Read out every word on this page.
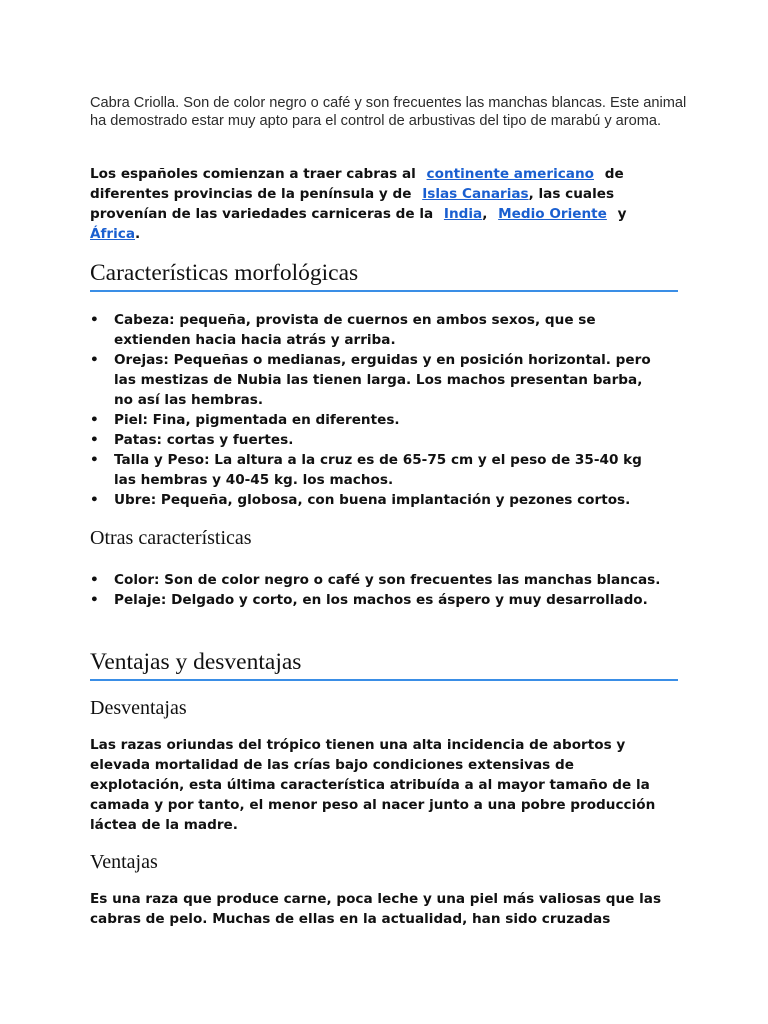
Cabra Criolla. Son de color negro o café y son frecuentes las manchas blancas. Este animal ha demostrado estar muy apto para el control de arbustivas del tipo de marabú y aroma.
Los españoles comienzan a traer cabras al continente americano de diferentes provincias de la península y de Islas Canarias, las cuales provenían de las variedades carniceras de la India, Medio Oriente y África.
Características morfológicas
• Cabeza: pequeña, provista de cuernos en ambos sexos, que se extienden hacia hacia atrás y arriba.
• Orejas: Pequeñas o medianas, erguidas y en posición horizontal. pero las mestizas de Nubia las tienen larga. Los machos presentan barba, no así las hembras.
• Piel: Fina, pigmentada en diferentes.
• Patas: cortas y fuertes.
• Talla y Peso: La altura a la cruz es de 65-75 cm y el peso de 35-40 kg las hembras y 40-45 kg. los machos.
• Ubre: Pequeña, globosa, con buena implantación y pezones cortos.
Otras características
• Color: Son de color negro o café y son frecuentes las manchas blancas.
• Pelaje: Delgado y corto, en los machos es áspero y muy desarrollado.
Ventajas y desventajas
Desventajas
Las razas oriundas del trópico tienen una alta incidencia de abortos y elevada mortalidad de las crías bajo condiciones extensivas de explotación, esta última característica atribuída a al mayor tamaño de la camada y por tanto, el menor peso al nacer junto a una pobre producción láctea de la madre.
Ventajas
Es una raza que produce carne, poca leche y una piel más valiosas que las cabras de pelo. Muchas de ellas en la actualidad, han sido cruzadas
